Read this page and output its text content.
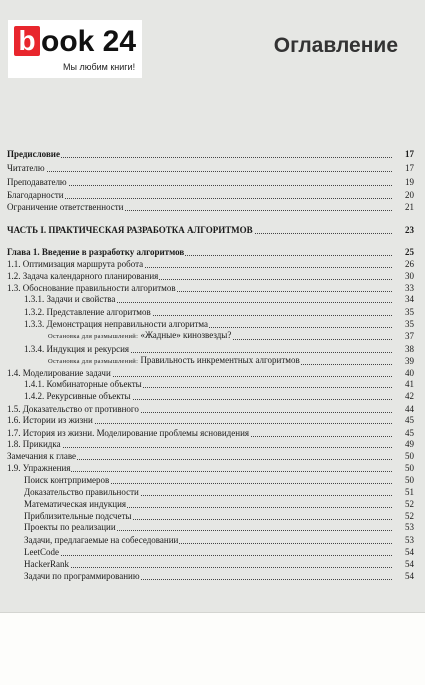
b ook 24
Мы любим книги!
Оглавление
Предисловие	17
Читателю	17
Преподавателю	19
Благодарности	20
Ограничение ответственности	21
ЧАСТЬ I. ПРАКТИЧЕСКАЯ РАЗРАБОТКА АЛГОРИТМОВ	23
Глава 1. Введение в разработку алгоритмов	25
1.1. Оптимизация маршрута робота	26
1.2. Задача календарного планирования	30
1.3. Обоснование правильности алгоритмов	33
1.3.1. Задачи и свойства	34
1.3.2. Представление алгоритмов	35
1.3.3. Демонстрация неправильности алгоритма	35
Остановка для размышлений: «Жадные» кинозвезды?	37
1.3.4. Индукция и рекурсия	38
Остановка для размышлений: Правильность инкрементных алгоритмов	39
1.4. Моделирование задачи	40
1.4.1. Комбинаторные объекты	41
1.4.2. Рекурсивные объекты	42
1.5. Доказательство от противного	44
1.6. Истории из жизни	45
1.7. История из жизни. Моделирование проблемы ясновидения	45
1.8. Прикидка	49
Замечания к главе	50
1.9. Упражнения	50
Поиск контрпримеров	50
Доказательство правильности	51
Математическая индукция	52
Приблизительные подсчеты	52
Проекты по реализации	53
Задачи, предлагаемые на собеседовании	53
LeetCode	54
HackerRank	54
Задачи по программированию	54
